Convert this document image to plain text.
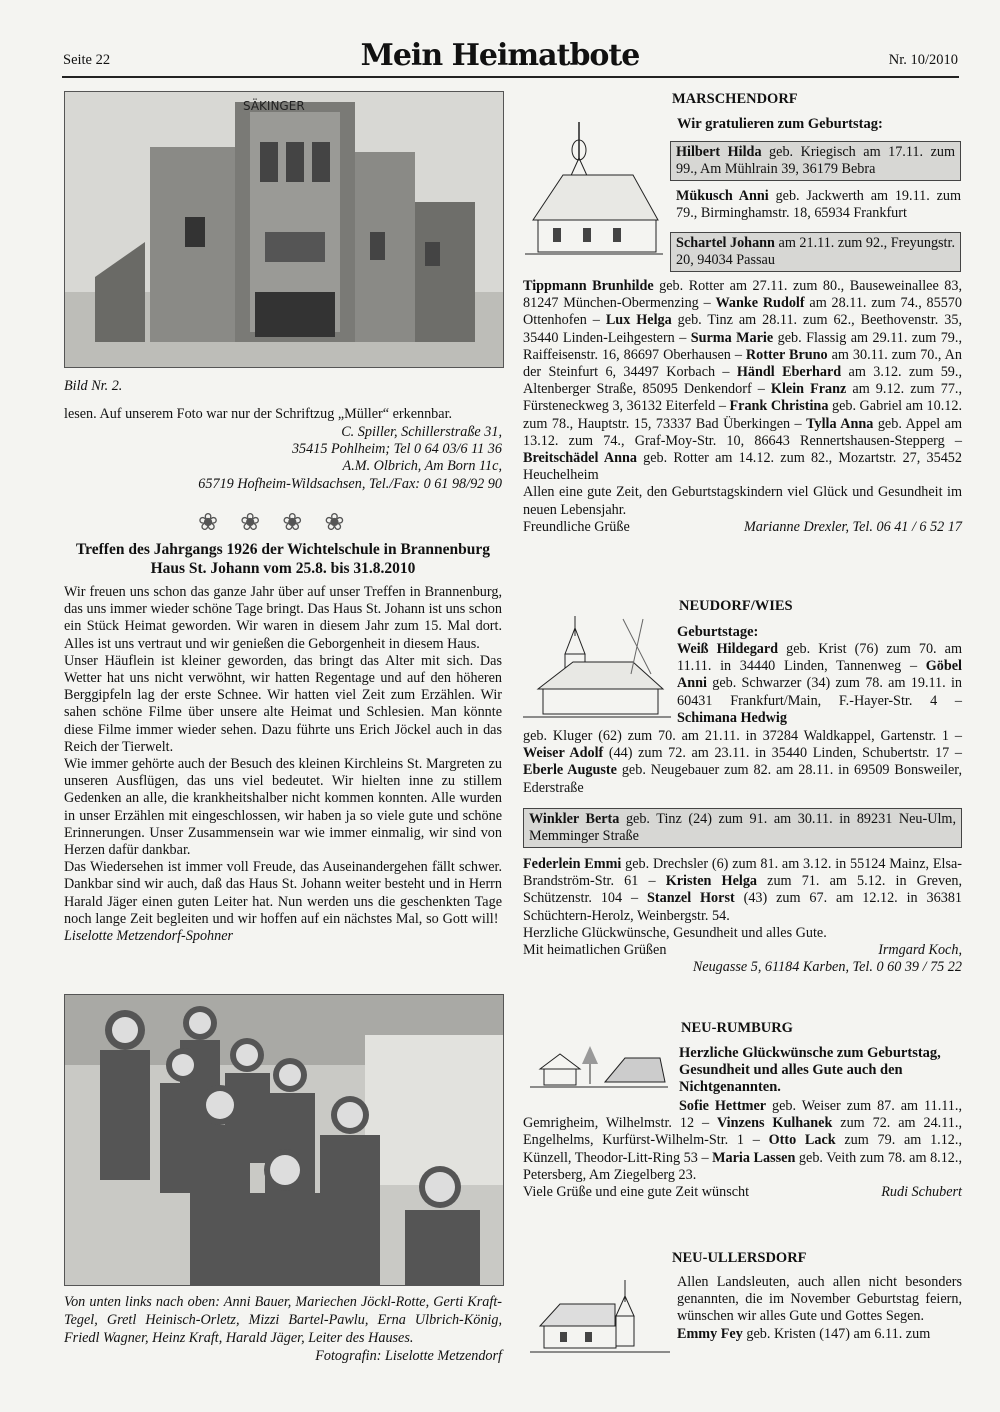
Seite 22	Mein Heimatbote	Nr. 10/2010
SÄKINGER
Bild Nr. 2.
lesen. Auf unserem Foto war nur der Schriftzug „Müller“ erkennbar.
C. Spiller, Schillerstraße 31,
35415 Pohlheim; Tel 0 64 03/6 11 36
A.M. Olbrich, Am Born 11c,
65719 Hofheim-Wildsachsen, Tel./Fax: 0 61 98/92 90
❀❀❀❀
Treffen des Jahrgangs 1926 der Wichtelschule in Brannenburg Haus St. Johann vom 25.8. bis 31.8.2010

Wir freuen uns schon das ganze Jahr über auf unser Treffen in Brannenburg, das uns immer wieder schöne Tage bringt. Das Haus St. Johann ist uns schon ein Stück Heimat geworden. Wir waren in diesem Jahr zum 15. Mal dort. Alles ist uns vertraut und wir genießen die Geborgenheit in diesem Haus.

Unser Häuflein ist kleiner geworden, das bringt das Alter mit sich. Das Wetter hat uns nicht verwöhnt, wir hatten Regentage und auf den höheren Berggipfeln lag der erste Schnee. Wir hatten viel Zeit zum Erzählen. Wir sahen schöne Filme über unsere alte Heimat und Schlesien. Man könnte diese Filme immer wieder sehen. Dazu führte uns Erich Jöckel auch in das Reich der Tierwelt.

Wie immer gehörte auch der Besuch des kleinen Kirchleins St. Margreten zu unseren Ausflügen, das uns viel bedeutet. Wir hielten inne zu stillem Gedenken an alle, die krankheitshalber nicht kommen konnten. Alle wurden in unser Erzählen mit eingeschlossen, wir haben ja so viele gute und schöne Erinnerungen. Unser Zusammensein war wie immer einmalig, wir sind von Herzen dafür dankbar.

Das Wiedersehen ist immer voll Freude, das Auseinandergehen fällt schwer. Dankbar sind wir auch, daß das Haus St. Johann weiter besteht und in Herrn Harald Jäger einen guten Leiter hat. Nun werden uns die geschenkten Tage noch lange Zeit begleiten und wir hoffen auf ein nächstes Mal, so Gott will!  Liselotte Metzendorf-Spohner

Von unten links nach oben: Anni Bauer, Mariechen Jöckl-Rotte, Gerti Kraft-Tegel, Gretl Heinisch-Orletz, Mizzi Bartel-Pawlu, Erna Ulbrich-König, Friedl Wagner, Heinz Kraft, Harald Jäger, Leiter des Hauses.
Fotografin: Liselotte Metzendorf
MARSCHENDORF
Wir gratulieren zum Geburtstag:
Hilbert Hilda geb. Kriegisch am 17.11. zum 99., Am Mühlrain 39, 36179 Bebra
Mükusch Anni geb. Jackwerth am 19.11. zum 79., Birminghamstr. 18, 65934 Frankfurt
Schartel Johann am 21.11. zum 92., Freyungstr. 20, 94034 Passau
Tippmann Brunhilde geb. Rotter am 27.11. zum 80., Bauseweinallee 83, 81247 München-Obermenzing – Wanke Rudolf am 28.11. zum 74., 85570 Ottenhofen – Lux Helga geb. Tinz am 28.11. zum 62., Beethovenstr. 35, 35440 Linden-Leihgestern – Surma Marie geb. Flassig am 29.11. zum 79., Raiffeisenstr. 16, 86697 Oberhausen – Rotter Bruno am 30.11. zum 70., An der Steinfurt 6, 34497 Korbach – Händl Eberhard am 3.12. zum 59., Altenberger Straße, 85095 Denkendorf – Klein Franz am 9.12. zum 77., Fürsteneckweg 3, 36132 Eiterfeld – Frank Christina geb. Gabriel am 10.12. zum 78., Hauptstr. 15, 73337 Bad Überkingen – Tylla Anna geb. Appel am 13.12. zum 74., Graf-Moy-Str. 10, 86643 Rennertshausen-Stepperg – Breitschädel Anna geb. Rotter am 14.12. zum 82., Mozartstr. 27, 35452 Heuchelheim

Allen eine gute Zeit, den Geburtstagskindern viel Glück und Gesundheit im neuen Lebensjahr.

Freundliche Grüße	Marianne Drexler, Tel. 06 41 / 6 52 17
NEUDORF/WIES
Geburtstage:
Weiß Hildegard geb. Krist (76) zum 70. am 11.11. in 34440 Linden, Tannenweg – Göbel Anni geb. Schwarzer (34) zum 78. am 19.11. in 60431 Frankfurt/Main, F.-Hayer-Str. 4 – Schimana Hedwig
geb. Kluger (62) zum 70. am 21.11. in 37284 Waldkappel, Gartenstr. 1 – Weiser Adolf (44) zum 72. am 23.11. in 35440 Linden, Schubertstr. 17 – Eberle Auguste geb. Neugebauer zum 82. am 28.11. in 69509 Bonsweiler, Ederstraße
Winkler Berta geb. Tinz (24) zum 91. am 30.11. in 89231 Neu-Ulm, Memminger Straße
Federlein Emmi geb. Drechsler (6) zum 81. am 3.12. in 55124 Mainz, Elsa-Brandström-Str. 61 – Kristen Helga zum 71. am 5.12. in Greven, Schützenstr. 104 – Stanzel Horst (43) zum 67. am 12.12. in 36381 Schüchtern-Herolz, Weinbergstr. 54.

Herzliche Glückwünsche, Gesundheit und alles Gute.

Mit heimatlichen Grüßen	Irmgard Koch,
Neugasse 5, 61184 Karben, Tel. 0 60 39 / 75 22
NEU-RUMBURG
Herzliche Glückwünsche zum Geburtstag, Gesundheit und alles Gute auch den Nichtgenannten.
Sofie Hettmer geb. Weiser zum 87. am 11.11., Gemrigheim, Wilhelmstr. 12 – Vinzens Kulhanek zum 72. am 24.11., Engelhelms, Kurfürst-Wilhelm-Str. 1 – Otto Lack zum 79. am 1.12., Künzell, Theodor-Litt-Ring 53 – Maria Lassen geb. Veith zum 78. am 8.12., Petersberg, Am Ziegelberg 23.
Viele Grüße und eine gute Zeit wünscht	Rudi Schubert
NEU-ULLERSDORF
Allen Landsleuten, auch allen nicht besonders genannten, die im November Geburtstag feiern, wünschen wir alles Gute und Gottes Segen.
Emmy Fey geb. Kristen (147) am 6.11. zum
